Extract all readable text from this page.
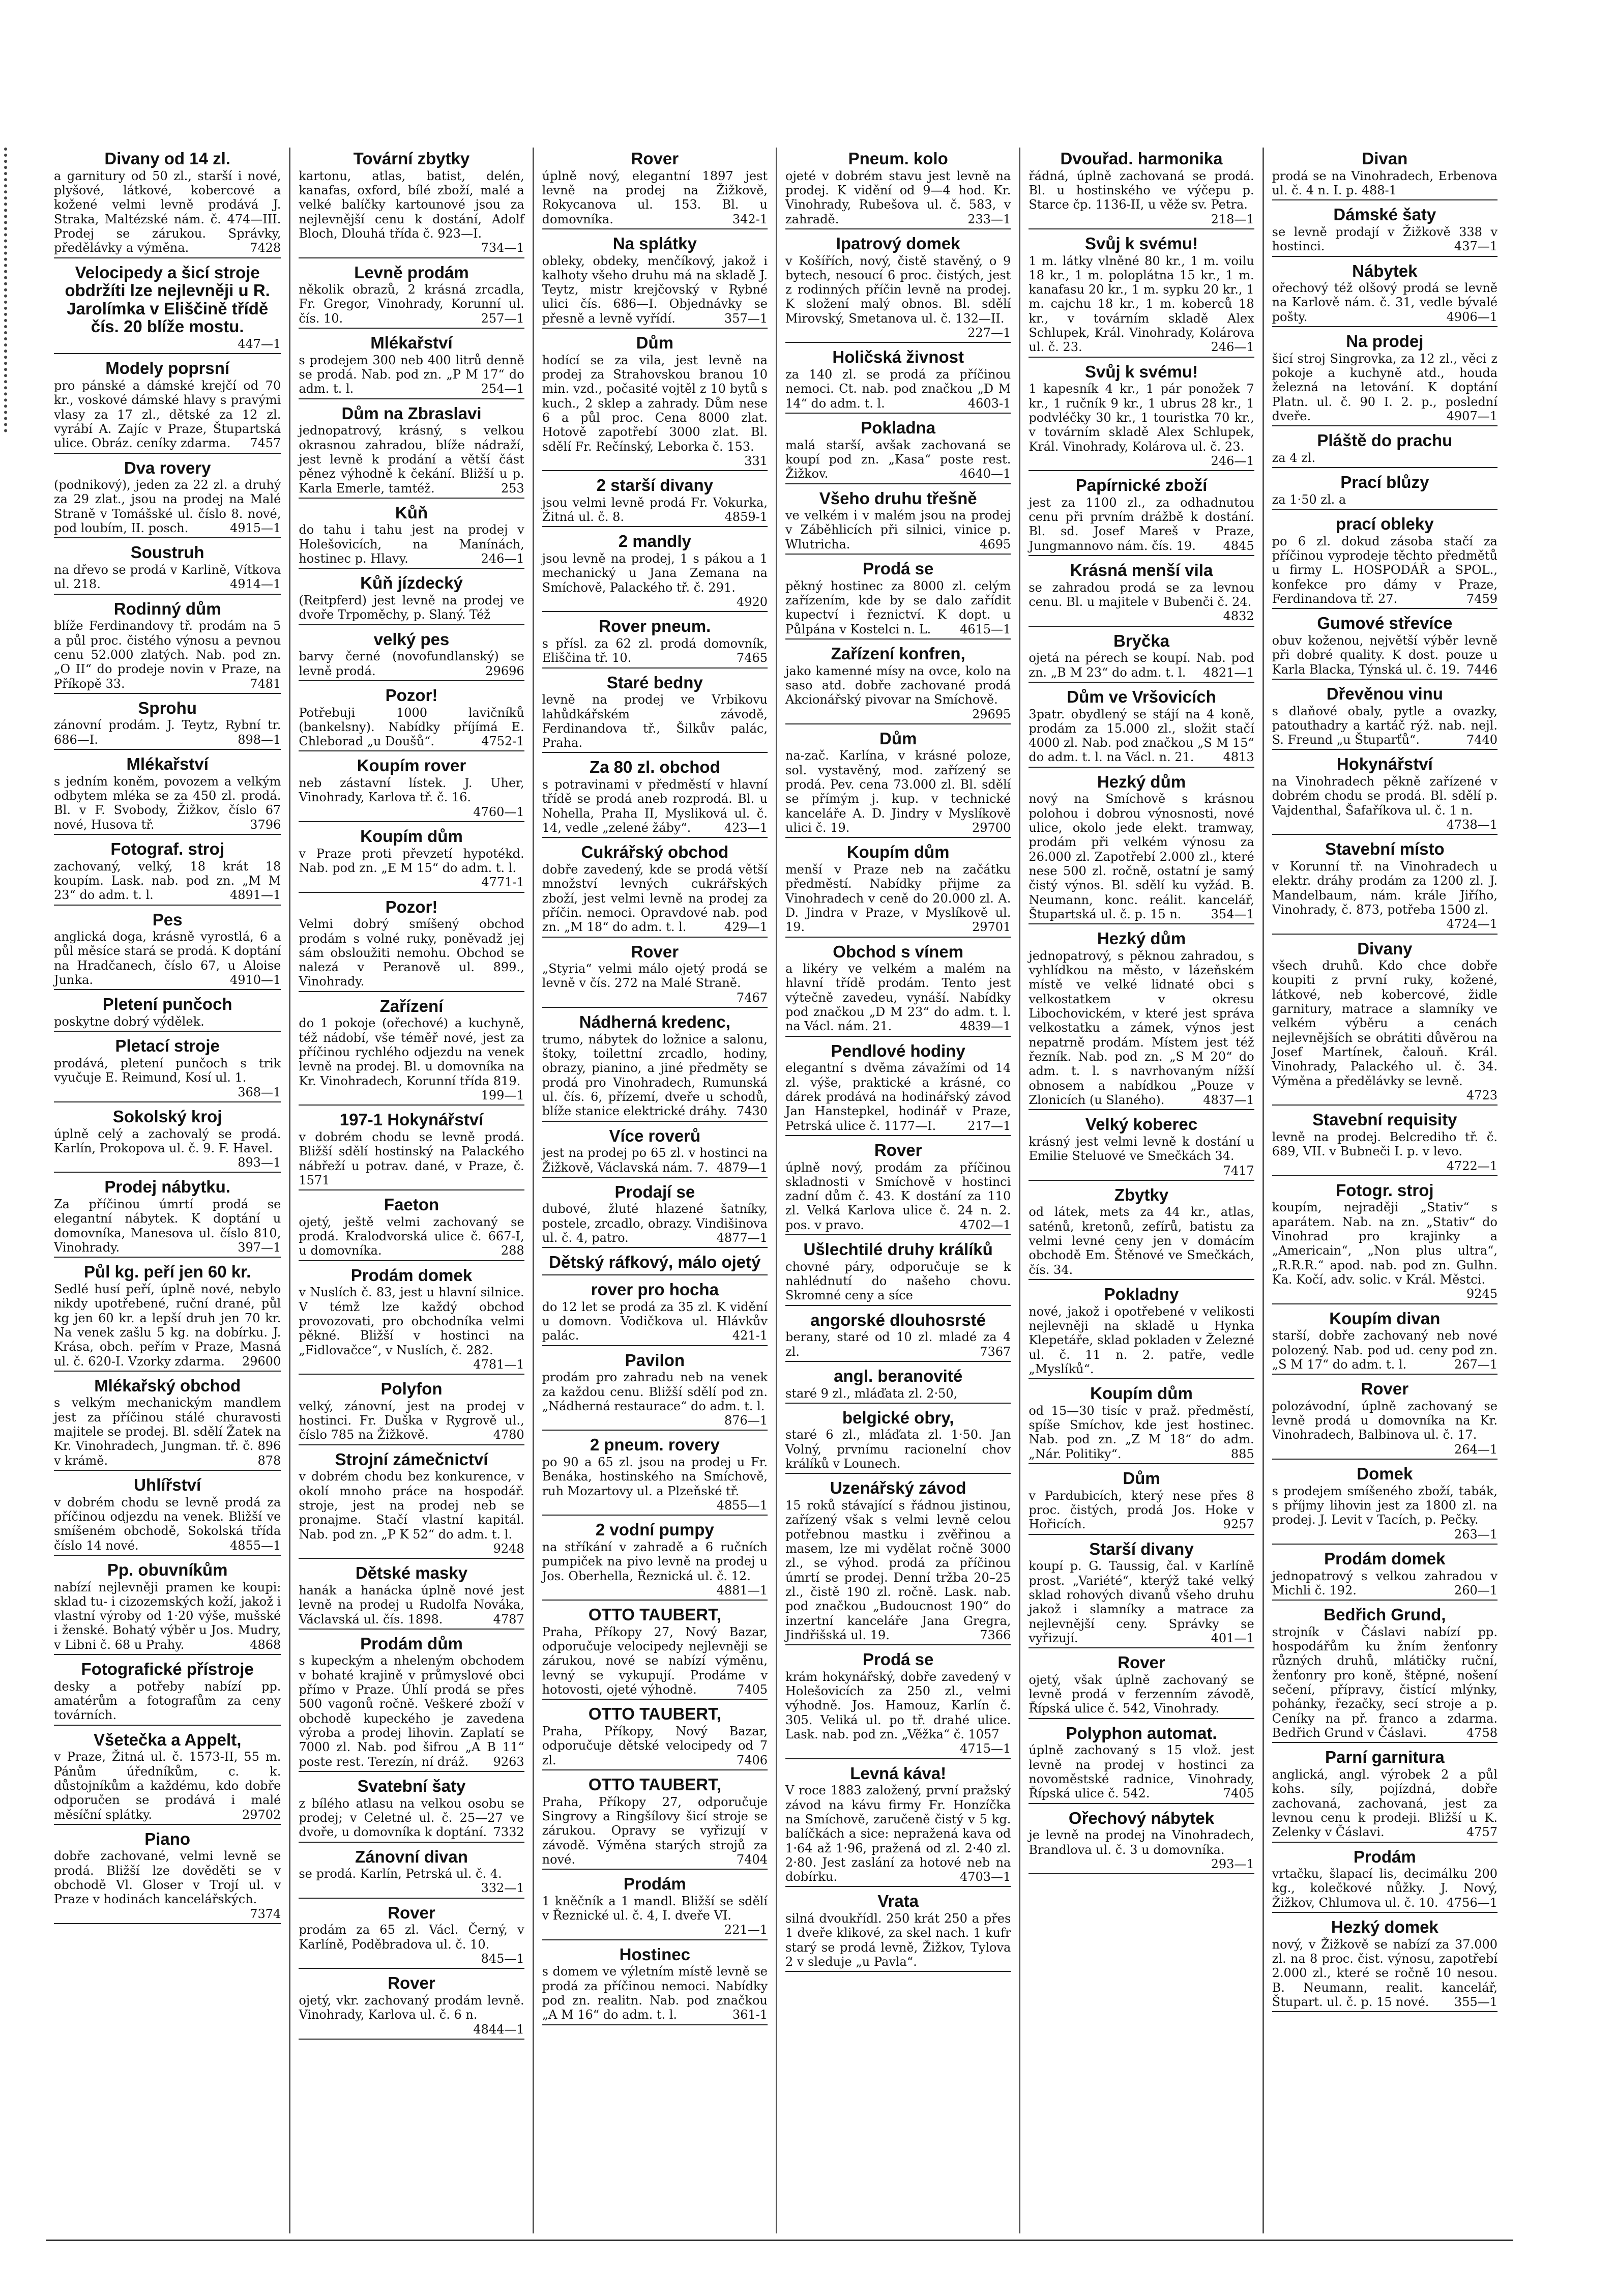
Divany od 14 zl.
a garnitury od 50 zl., starší i nové, plyšové, látkové, kobercové a kožené velmi levně prodává J. Straka, Maltézské nám. č. 474—III. Prodej se zárukou. Správky, předělávky a výměna.	7428
Velocipedy a šicí stroje obdržíti lze nejlevněji u R. Jarolímka v Eliščině třídě čís. 20 blíže mostu.
447—1
Modely poprsní
pro pánské a dámské krejčí od 70 kr., voskové dámské hlavy s pravými vlasy za 17 zl., dětské za 12 zl. vyrábí A. Zajíc v Praze, Štupartská ulice. Obráz. ceníky zdarma. 7457
Dva rovery
(podnikový), jeden za 22 zl. a druhý za 29 zlat., jsou na prodej na Malé Straně v Tomášské ul. číslo 8. nové, pod loubím, II. posch.	4915—1
Soustruh
na dřevo se prodá v Karlině, Vítkova ul. 218.	4914—1
Rodinný dům
blíže Ferdinandovy tř. prodám na 5 a půl proc. čistého výnosu a pevnou cenu 52.000 zlatých. Nab. pod zn. „O II“ do prodeje novin v Praze, na Příkopě 33.	7481
Sprohu
zánovní prodám. J. Teytz, Rybní tr. 686—I.	898—1
Mlékařství
s jedním koněm, povozem a velkým odbytem mléka se za 450 zl. prodá. Bl. v F. Svobody, Žižkov, číslo 67 nové, Husova tř.	3796
Fotograf. stroj
zachovaný, velký, 18 krát 18 koupím. Lask. nab. pod zn. „M M 23“ do adm. t. l.	4891—1
Pes
anglická doga, krásně vyrostlá, 6 a půl měsíce stará se prodá. K doptání na Hradčanech, číslo 67, u Aloise Junka.	4910—1
Pletení punčoch
poskytne dobrý výdělek.
Pletací stroje
prodává, pletení punčoch s trik vyučuje E. Reimund, Kosí ul. 1.
368—1
Sokolský kroj
úplně celý a zachovalý se prodá. Karlín, Prokopova ul. č. 9. F. Havel.
893—1
Prodej nábytku.
Za příčinou úmrtí prodá se elegantní nábytek. K doptání u domovníka, Manesova ul. číslo 810, Vinohrady.	397—1
Půl kg. peří jen 60 kr.
Sedlé husí peří, úplně nové, nebylo nikdy upotřebené, ruční drané, půl kg jen 60 kr. a lepší druh jen 70 kr. Na venek zašlu 5 kg. na dobírku. J. Krása, obch. peřím v Praze, Masná ul. č. 620-I. Vzorky zdarma. 29600
Mlékařský obchod
s velkým mechanickým mandlem jest za příčinou stálé churavosti majitele se prodej. Bl. sdělí Žatek na Kr. Vinohradech, Jungman. tř. č. 896 v krámě.	878
Uhlířství
v dobrém chodu se levně prodá za příčinou odjezdu na venek. Bližší ve smíšeném obchodě, Sokolská třída číslo 14 nové.	4855—1
Pp. obuvníkům
nabízí nejlevněji pramen ke koupi: sklad tu- i cizozemských koží, jakož i vlastní výroby od 1·20 výše, mušské i ženské. Bohatý výběr u Jos. Mudry, v Libni č. 68 u Prahy.	4868
Fotografické přístroje
desky a potřeby nabízí pp. amatérům a fotografům za ceny továrních.
Všetečka a Appelt,
v Praze, Žitná ul. č. 1573-II, 55 m. Pánům úředníkům, c. k. důstojníkům a každému, kdo dobře odporučen se prodává i malé měsíční splátky.	29702
Piano
dobře zachované, velmi levně se prodá. Bližší lze dověděti se v obchodě Vl. Gloser v Trojí ul. v Praze v hodinách kancelářských.
7374
Tovární zbytky
kartonu, atlas, batist, delén, kanafas, oxford, bílé zboží, malé a velké balíčky kartounové jsou za nejlevnější cenu k dostání, Adolf Bloch, Dlouhá třída č. 923—I.
734—1
Levně prodám
několik obrazů, 2 krásná zrcadla, Fr. Gregor, Vinohrady, Korunní ul. čís. 10.	257—1
Mlékařství
s prodejem 300 neb 400 litrů denně se prodá. Nab. pod zn. „P M 17“ do adm. t. l.	254—1
Dům na Zbraslavi
jednopatrový, krásný, s velkou okrasnou zahradou, blíže nádraží, jest levně k prodání a větší část pěnez výhodně k čekání. Bližší u p. Karla Emerle, tamtéž.	253
Kůň
do tahu i tahu jest na prodej v Holešovicích, na Manínách, hostinec p. Hlavy.	246—1
Kůň jízdecký
(Reitpferd) jest levně na prodej ve dvoře Trpoměchy, p. Slaný. Též
velký pes
barvy černé (novofundlanský) se levně prodá.	29696
Pozor!
Potřebuji 1000 lavičníků (bankelsny). Nabídky příjímá E. Chleborad „u Doušů“.	4752-1
Koupím rover
neb zástavní lístek. J. Uher, Vinohrady, Karlova tř. č. 16.
4760—1
Koupím dům
v Praze proti převzetí hypotékd. Nab. pod zn. „E M 15“ do adm. t. l.
4771-1
Pozor!
Velmi dobrý smíšený obchod prodám s volné ruky, poněvadž jej sám obsloužiti nemohu. Obchod se nalezá v Peranově ul. 899., Vinohrady.
Zařízení
do 1 pokoje (ořechové) a kuchyně, též nádobí, vše téměř nové, jest za příčinou rychlého odjezdu na venek levně na prodej. Bl. u domovníka na Kr. Vinohradech, Korunní třída 819.
199—1
197-1 Hokynářství
v dobrém chodu se levně prodá. Bližší sdělí hostinský na Palackého nábřeží u potrav. dané, v Praze, č. 1571
Faeton
ojetý, ještě velmi zachovaný se prodá. Kralodvorská ulice č. 667-I, u domovníka.	288
Prodám domek
v Nuslích č. 83, jest u hlavní silnice. V témž lze každý obchod provozovati, pro obchodníka velmi pěkné. Bližší v hostinci na „Fidlovačce“, v Nuslích, č. 282.
4781—1
Polyfon
velký, zánovní, jest na prodej v hostinci. Fr. Duška v Rygrově ul., číslo 785 na Žižkově.	4780
Strojní zámečnictví
v dobrém chodu bez konkurence, v okolí mnoho práce na hospodář. stroje, jest na prodej neb se pronajme. Stačí vlastní kapitál. Nab. pod zn. „P K 52“ do adm. t. l.
9248
Dětské masky
hanák a hanácka úplně nové jest levně na prodej u Rudolfa Nováka, Václavská ul. čís. 1898.	4787
Prodám dům
s kupeckým a nheleným obchodem v bohaté krajině v průmyslové obci přímo v Praze. Úhlí prodá se přes 500 vagonů ročně. Veškeré zboží v obchodě kupeckého je zavedena výroba a prodej lihovin. Zaplatí se 7000 zl. Nab. pod šifrou „A B 11“ poste rest. Terezín, ní dráž. 9263
Svatební šaty
z bílého atlasu na velkou osobu se prodej; v Celetné ul. č. 25—27 ve dvoře, u domovníka k doptání. 7332
Zánovní divan
se prodá. Karlín, Petrská ul. č. 4.
332—1
Rover
prodám za 65 zl. Václ. Černý, v Karlíně, Poděbradova ul. č. 10.
845—1
Rover
ojetý, vkr. zachovaný prodám levně. Vinohrady, Karlova ul. č. 6 n.
4844—1
Rover
úplně nový, elegantní 1897 jest levně na prodej na Žižkově, Rokycanova ul. 153. Bl. u domovníka.	342-1
Na splátky
obleky, obdeky, menčíkový, jakož i kalhoty všeho druhu má na skladě J. Teytz, mistr krejčovský v Rybné ulici čís. 686—I. Objednávky se přesně a levně vyřídí.	357—1
Dům
hodící se za vila, jest levně na prodej za Strahovskou branou 10 min. vzd., počasité vojtěl z 10 bytů s kuch., 2 sklep a zahrady. Dům nese 6 a půl proc. Cena 8000 zlat. Hotově zapotřebí 3000 zlat. Bl. sdělí Fr. Rečínský, Leborka č. 153.
331
2 starší divany
jsou velmi levně prodá Fr. Vokurka, Žitná ul. č. 8.	4859-1
2 mandly
jsou levně na prodej, 1 s pákou a 1 mechanický u Jana Zemana na Smíchově, Palackého tř. č. 291.
4920
Rover pneum.
s přísl. za 62 zl. prodá domovník, Eliščina tř. 10.	7465
Staré bedny
levně na prodej ve Vrbikovu lahůdkářském závodě, Ferdinandova tř., Šilkův palác, Praha.
Za 80 zl. obchod
s potravinami v předměstí v hlavní třídě se prodá aneb rozprodá. Bl. u Nohella, Praha II, Mysliková ul. č. 14, vedle „zelené žáby“.	423—1
Cukrářský obchod
dobře zavedený, kde se prodá větší množství levných cukrářských zboží, jest velmi levně na prodej za příčin. nemoci. Opravdové nab. pod zn. „M 18“ do adm. t. l.	429—1
Rover
„Styria“ velmi málo ojetý prodá se levně v čís. 272 na Malé Straně.
7467
Nádherná kredenc,
trumo, nábytek do ložnice a salonu, štoky, toilettní zrcadlo, hodiny, obrazy, pianino, a jiné předměty se prodá pro Vinohradech, Rumunská ul. čís. 6, přízemí, dveře u schodů, blíže stanice elektrické dráhy. 7430
Více roverů
jest na prodej po 65 zl. v hostinci na Žižkově, Václavská nám. 7. 4879—1
Prodají se
dubové, žluté hlazené šatníky, postele, zrcadlo, obrazy. Vindišinova ul. č. 4, patro.	4877—1
Dětský ráfkový, málo ojetý
rover pro hocha
do 12 let se prodá za 35 zl. K vidění u domovn. Vodičkova ul. Hlávkův palác.	421-1
Pavilon
prodám pro zahradu neb na venek za každou cenu. Bližší sdělí pod zn. „Nádherná restaurace“ do adm. t. l.
876—1
2 pneum. rovery
po 90 a 65 zl. jsou na prodej u Fr. Benáka, hostinského na Smíchově, ruh Mozartovy ul. a Plzeňské tř.
4855—1
2 vodní pumpy
na stříkání v zahradě a 6 ručních pumpiček na pivo levně na prodej u Jos. Oberhella, Řeznická ul. č. 12.
4881—1
OTTO TAUBERT,
Praha, Příkopy 27, Nový Bazar, odporučuje velocipedy nejlevněji se zárukou, nové se nabízí výměnu, levný se vykupují. Prodáme v hotovosti, ojeté výhodně.	7405
OTTO TAUBERT,
Praha, Příkopy, Nový Bazar, odporučuje dětské velocipedy od 7 zl.	7406
OTTO TAUBERT,
Praha, Příkopy 27, odporučuje Singrovy a Ringšílovy šicí stroje se zárukou. Opravy se vyřizují v závodě. Výměna starých strojů za nové.	7404
Prodám
1 kněčník a 1 mandl. Bližší se sdělí v Řeznické ul. č. 4, I. dveře VI.
221—1
Hostinec
s domem ve výletním místě levně se prodá za příčinou nemoci. Nabídky pod zn. realitn. Nab. pod značkou „A M 16“ do adm. t. l.	361-1
Pneum. kolo
ojeté v dobrém stavu jest levně na prodej. K vidění od 9—4 hod. Kr. Vinohrady, Rubešova ul. č. 583, v zahradě.	233—1
Ipatrový domek
v Košířích, nový, čistě stavěný, o 9 bytech, nesoucí 6 proc. čistých, jest z rodinných příčin levně na prodej. K složení malý obnos. Bl. sdělí Mirovský, Smetanova ul. č. 132—II.
227—1
Holičská živnost
za 140 zl. se prodá za příčinou nemoci. Ct. nab. pod značkou „D M 14“ do adm. t. l.	4603-1
Pokladna
malá starší, avšak zachovaná se koupí pod zn. „Kasa“ poste rest. Žižkov.	4640—1
Všeho druhu třešně
ve velkém i v malém jsou na prodej v Záběhlicích při silnici, vinice p. Wlutricha.	4695
Prodá se
pěkný hostinec za 8000 zl. celým zařízením, kde by se dalo zařídit kupectví i řeznictví. K dopt. u Půlpána v Kostelci n. L. 4615—1
Zařízení konfren,
jako kamenné mísy na ovce, kolo na saso atd. dobře zachované prodá Akcionářský pivovar na Smíchově.
29695
Dům
na-zač. Karlína, v krásné poloze, sol. vystavěný, mod. zařízený se prodá. Pev. cena 73.000 zl. Bl. sdělí se přímým j. kup. v technické kanceláře A. D. Jindry v Myslíkově ulici č. 19.	29700
Koupím dům
menší v Praze neb na začátku předměstí. Nabídky přijme za Vinohradech v ceně do 20.000 zl. A. D. Jindra v Praze, v Myslíkově ul. 19.	29701
Obchod s vínem
a likéry ve velkém a malém na hlavní třídě prodám. Tento jest výtečně zavedeu, vynáší. Nabídky pod značkou „D M 23“ do adm. t. l. na Václ. nám. 21.	4839—1
Pendlové hodiny
elegantní s dvěma závažími od 14 zl. výše, praktické a krásné, co dárek prodává na hodinářský závod Jan Hanstepkel, hodinář v Praze, Petrská ulice č. 1177—I.	217—1
Rover
úplně nový, prodám za příčinou skladnosti v Smíchově v hostinci zadní dům č. 43. K dostání za 110 zl. Velká Karlova ulice č. 24 n. 2. pos. v pravo.	4702—1
Ušlechtilé druhy králíků
chovné páry, odporučuje se k nahlédnutí do našeho chovu. Skromné ceny a síce
angorské dlouhosrsté
berany, staré od 10 zl. mladé za 4 zl.	7367
angl. beranovité
staré 9 zl., mláďata zl. 2·50,
belgické obry,
staré 6 zl., mláďata zl. 1·50. Jan Volný, prvnímu racionelní chov králíků v Lounech.
Uzenářský závod
15 roků stávající s řádnou jistinou, zařízený však s velmi levně celou potřebnou mastku i zvěřinou a masem, lze mi vydělat ročně 3000 zl., se výhod. prodá za příčinou úmrtí se prodej. Denní tržba 20–25 zl., čistě 190 zl. ročně. Lask. nab. pod značkou „Budoucnost 190“ do inzertní kanceláře Jana Gregra, Jindřišská ul. 19.	7366
Prodá se
krám hokynářský, dobře zavedený v Holešovicích za 250 zl., velmi výhodně. Jos. Hamouz, Karlín č. 305. Veliká ul. po tř. drahé ulice. Lask. nab. pod zn. „Věžka“ č. 1057
4715—1
Levná káva!
V roce 1883 založený, první pražský závod na kávu firmy Fr. Honzíčka na Smíchově, zaručeně čistý v 5 kg. balíčkách a sice: nepražená kava od 1·64 až 1·96, pražená od zl. 2·40 zl. 2·80. Jest zaslání za hotové neb na dobírku.	4703—1
Vrata
silná dvoukřídl. 250 krát 250 a přes 1 dveře klikové, za skel nach. 1 kufr starý se prodá levně, Žižkov, Tylova 2 v sleduje „u Pavla“.
Dvouřad. harmonika
řádná, úplně zachovaná se prodá. Bl. u hostinského ve výčepu p. Starce čp. 1136-II, u věže sv. Petra.
218—1
Svůj k svému!
1 m. látky vlněné 80 kr., 1 m. voilu 18 kr., 1 m. poloplátna 15 kr., 1 m. kanafasu 20 kr., 1 m. sypku 20 kr., 1 m. cajchu 18 kr., 1 m. koberců 18 kr., v továrním skladě Alex Schlupek, Král. Vinohrady, Kolárova ul. č. 23.	246—1
Svůj k svému!
1 kapesník 4 kr., 1 pár ponožek 7 kr., 1 ručník 9 kr., 1 ubrus 28 kr., 1 podvléčky 30 kr., 1 touristka 70 kr., v továrním skladě Alex Schlupek, Král. Vinohrady, Kolárova ul. č. 23.
246—1
Papírnické zboží
jest za 1100 zl., za odhadnutou cenu při prvním drážbě k dostání. Bl. sd. Josef Mareš v Praze, Jungmannovo nám. čís. 19. 4845
Krásná menší vila
se zahradou prodá se za levnou cenu. Bl. u majitele v Bubenči č. 24.
4832
Bryčka
ojetá na pérech se koupí. Nab. pod zn. „B M 23“ do adm. t. l. 4821—1
Dům ve Vršovicích
3patr. obydlený se stájí na 4 koně, prodám za 15.000 zl., složit stačí 4000 zl. Nab. pod značkou „S M 15“ do adm. t. l. na Václ. n. 21. 4813
Hezký dům
nový na Smíchově s krásnou polohou i dobrou výnosnosti, nové ulice, okolo jede elekt. tramway, prodám při velkém výnosu za 26.000 zl. Zapotřebí 2.000 zl., které nese 500 zl. ročně, ostatní je samý čistý výnos. Bl. sdělí ku vyžád. B. Neumann, konc. reálit. kancelář, Štupartská ul. č. p. 15 n. 354—1
Hezký dům
jednopatrový, s pěknou zahradou, s vyhlídkou na město, v lázeňském místě ve velké lidnaté obci s velkostatkem v okresu Libochovickém, v které jest správa velkostatku a zámek, výnos jest nepatrně prodám. Místem jest též řezník. Nab. pod zn. „S M 20“ do adm. t. l. s navrhovaným nížší obnosem a nabídkou „Pouze v Zlonicích (u Slaného).	4837—1
Velký koberec
krásný jest velmi levně k dostání u Emilie Steluové ve Smečkách 34.
7417
Zbytky
od látek, mets za 44 kr., atlas, saténů, kretonů, zefírů, batistu za velmi levné ceny jen v domácím obchodě Em. Štěnové ve Smečkách, čís. 34.
Pokladny
nové, jakož i opotřebené v velikosti nejlevněji na skladě u Hynka Klepetáře, sklad pokladen v Železné ul. č. 11 n. 2. patře, vedle „Myslíků“.
Koupím dům
od 15—30 tisíc v praž. předměstí, spíše Smíchov, kde jest hostinec. Nab. pod zn. „Z M 18“ do adm. „Nár. Politiky“.	885
Dům
v Pardubicích, který nese přes 8 proc. čistých, prodá Jos. Hoke v Hořicích.	9257
Starší divany
koupí p. G. Taussig, čal. v Karlíně prost. „Variété“, kterýž také velký sklad rohových divanů všeho druhu jakož i slamníky a matrace za nejlevnější ceny. Správky se vyřizují.	401—1
Rover
ojetý, však úplně zachovaný se levně prodá v ferzenním závodě, Řípská ulice č. 542, Vinohrady.
Polyphon automat.
úplně zachovaný s 15 vlož. jest levně na prodej v hostinci za novoměstské radnice, Vinohrady, Řípská ulice č. 542.	7405
Ořechový nábytek
je levně na prodej na Vinohradech, Brandlova ul. č. 3 u domovníka.
293—1
Divan
prodá se na Vinohradech, Erbenova ul. č. 4 n. I. p. 488-1
Dámské šaty
se levně prodají v Žižkově 338 v hostinci.	437—1
Nábytek
ořechový též olšový prodá se levně na Karlově nám. č. 31, vedle bývalé pošty.	4906—1
Na prodej
šicí stroj Singrovka, za 12 zl., věci z pokoje a kuchyně atd., houda železná na letování. K doptání Platn. ul. č. 90 I. 2. p., poslední dveře.	4907—1
Pláště do prachu
za 4 zl.
Prací blůzy
za 1·50 zl. a
prací obleky
po 6 zl. dokud zásoba stačí za příčinou vyprodeje těchto předmětů u firmy L. HOSPODÁŘ a SPOL., konfekce pro dámy v Praze, Ferdinandova tř. 27.	7459
Gumové střevíce
obuv koženou, největší výběr levně při dobré quality. K dost. pouze u Karla Blacka, Týnská ul. č. 19. 7446
Dřevěnou vinu
s dlaňové obaly, pytle a ovazky, patouthadry a kartáč rýž. nab. nejl. S. Freund „u Štuparťů“.	7440
Hokynářství
na Vinohradech pěkně zařízené v dobrém chodu se prodá. Bl. sdělí p. Vajdenthal, Šafaříkova ul. č. 1 n.
4738—1
Stavební místo
v Korunní tř. na Vinohradech u elektr. dráhy prodám za 1200 zl. J. Mandelbaum, nám. krále Jiřího, Vinohrady, č. 873, potřeba 1500 zl.
4724—1
Divany
všech druhů. Kdo chce dobře koupiti z první ruky, kožené, látkové, neb kobercové, židle garnitury, matrace a slamníky ve velkém výběru a cenách nejlevnějších se obrátiti důvěrou na Josef Martínek, čalouň. Král. Vinohrady, Palackého ul. č. 34. Výměna a předělávky se levně.
4723
Stavební requisity
levně na prodej. Belcrediho tř. č. 689, VII. v Bubneči I. p. v levo.
4722—1
Fotogr. stroj
koupím, nejraději „Stativ“ s aparátem. Nab. na zn. „Stativ“ do Vinohrad pro krajinky a „Americain“, „Non plus ultra“, „R.R.R.“ apod. nab. pod zn. Gulhn. Ka. Kočí, adv. solic. v Král. Městci.
9245
Koupím divan
starší, dobře zachovaný neb nové polozený. Nab. pod ud. ceny pod zn. „S M 17“ do adm. t. l.	267—1
Rover
polozávodní, úplně zachovaný se levně prodá u domovníka na Kr. Vinohradech, Balbinova ul. č. 17.
264—1
Domek
s prodejem smíšeného zboží, tabák, s příjmy lihovin jest za 1800 zl. na prodej. J. Levit v Tacích, p. Pečky.
263—1
Prodám domek
jednopatrový s velkou zahradou v Michli č. 192.	260—1
Bedřich Grund,
strojník v Čáslavi nabízí pp. hospodářům ku žním ženťonry různých druhů, mlátičky ruční, ženťonry pro koně, štěpné, nošení sečení, přípravy, čistící mlýnky, pohánky, řezačky, secí stroje a p. Ceníky na př. franco a zdarma. Bedřich Grund v Čáslavi.	4758
Parní garnitura
anglická, angl. výrobek 2 a půl kohs. síly, pojízdná, dobře zachovaná, zachovaná, jest za levnou cenu k prodeji. Bližší u K. Zelenky v Čáslavi.	4757
Prodám
vrtačku, šlapací lis, decimálku 200 kg., kolečkové nůžky. J. Nový, Žižkov, Chlumova ul. č. 10. 4756—1
Hezký domek
nový, v Žižkově se nabízí za 37.000 zl. na 8 proc. čist. výnosu, zapotřebí 2.000 zl., které se ročně 10 nesou. B. Neumann, realit. kancelář, Štupart. ul. č. p. 15 nové. 355—1
